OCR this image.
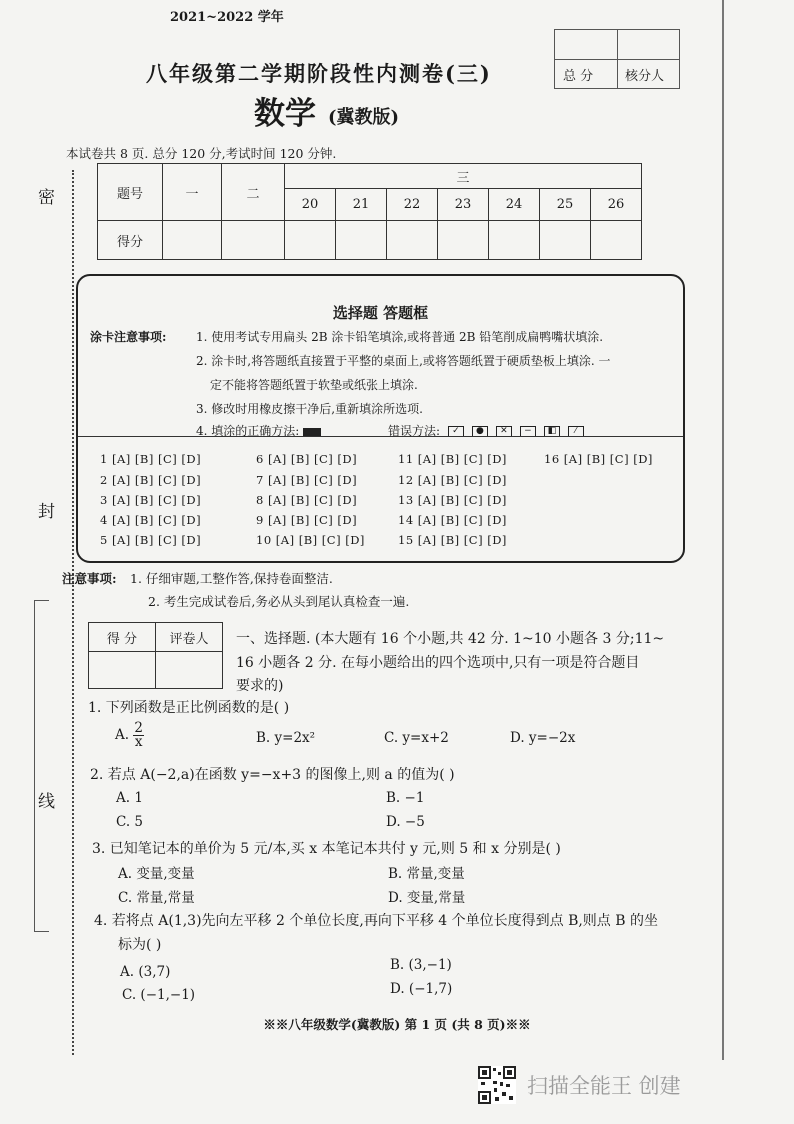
密
封
线
2021~2022 学年
八年级第二学期阶段性内测卷(三)
数学 (冀教版)
本试卷共 8 页. 总分 120 分,考试时间 120 分钟.
总 分 核分人
题号	一	二	三						
			20	21	22	23	24	25	26
得分									
选择题 答题框
涂卡注意事项: 1. 使用考试专用扁头 2B 涂卡铅笔填涂,或将普通 2B 铅笔削成扁鸭嘴状填涂.
2. 涂卡时,将答题纸直接置于平整的桌面上,或将答题纸置于硬质垫板上填涂. 一
定不能将答题纸置于软垫或纸张上填涂.
3. 修改时用橡皮擦干净后,重新填涂所选项.
4. 填涂的正确方法:	错误方法: ✓ ● ✕ − ◧ ⁄
1 [A] [B] [C] [D]	6 [A] [B] [C] [D]	11 [A] [B] [C] [D]	16 [A] [B] [C] [D]
2 [A] [B] [C] [D]	7 [A] [B] [C] [D]	12 [A] [B] [C] [D]
3 [A] [B] [C] [D]	8 [A] [B] [C] [D]	13 [A] [B] [C] [D]
4 [A] [B] [C] [D]	9 [A] [B] [C] [D]	14 [A] [B] [C] [D]
5 [A] [B] [C] [D]	10 [A] [B] [C] [D]	15 [A] [B] [C] [D]
注意事项: 1. 仔细审题,工整作答,保持卷面整洁.
2. 考生完成试卷后,务必从头到尾认真检查一遍.
得 分	评卷人
	一、选择题. (本大题有 16 个小题,共 42 分. 1~10 小题各 3 分;11~
16 小题各 2 分. 在每小题给出的四个选项中,只有一项是符合题目
要求的)
1. 下列函数是正比例函数的是( )
A. $\frac{2}{x}$	B. y=2x²	C. y=x+2	D. y=−2x
2. 若点 A(−2,a)在函数 y=−x+3 的图像上,则 a 的值为( )
A. 1	B. −1
C. 5	D. −5
3. 已知笔记本的单价为 5 元/本,买 x 本笔记本共付 y 元,则 5 和 x 分别是( )
A. 变量,变量	B. 常量,变量
C. 常量,常量	D. 变量,常量
4. 若将点 A(1,3)先向左平移 2 个单位长度,再向下平移 4 个单位长度得到点 B,则点 B 的坐
标为( )
A. (3,7)	B. (3,−1)
C. (−1,−1)	D. (−1,7)
※※八年级数学(冀教版) 第 1 页 (共 8 页)※※
扫描全能王 创建
